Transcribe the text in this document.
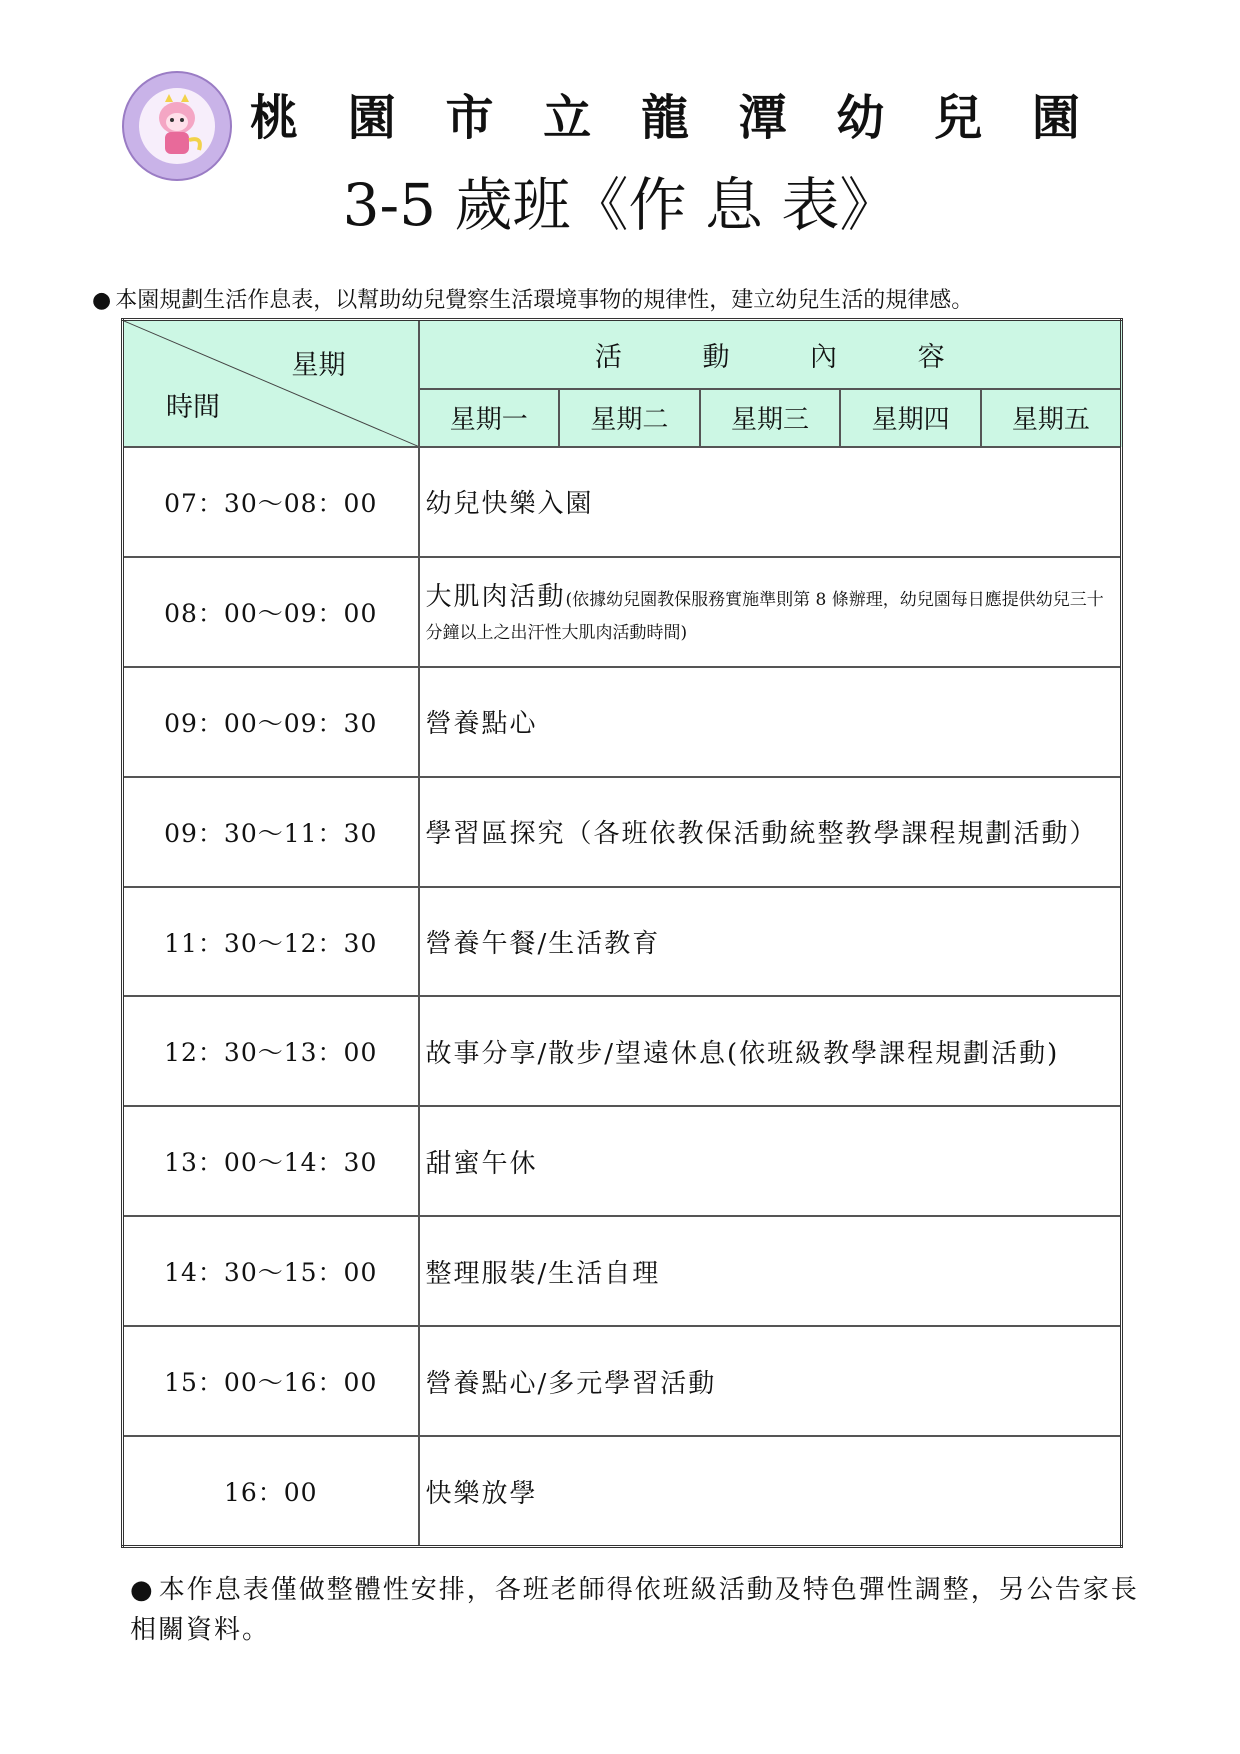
桃 園 市 立 龍 潭 幼 兒 園
3-5 歲班《作 息 表》
● 本園規劃生活作息表，以幫助幼兒覺察生活環境事物的規律性，建立幼兒生活的規律感。
星期
時間	活 動 內 容				
	星期一	星期二	星期三	星期四	星期五
07：30～08：00	幼兒快樂入園				
08：00～09：00	大肌肉活動(依據幼兒園教保服務實施準則第 8 條辦理，幼兒園每日應提供幼兒三十分鐘以上之出汗性大肌肉活動時間)				
09：00～09：30	營養點心				
09：30～11：30	學習區探究（各班依教保活動統整教學課程規劃活動）				
11：30～12：30	營養午餐/生活教育				
12：30～13：00	故事分享/散步/望遠休息(依班級教學課程規劃活動)				
13：00～14：30	甜蜜午休				
14：30～15：00	整理服裝/生活自理				
15：00～16：00	營養點心/多元學習活動				
16：00	快樂放學				
● 本作息表僅做整體性安排，各班老師得依班級活動及特色彈性調整，另公告家長相關資料。
